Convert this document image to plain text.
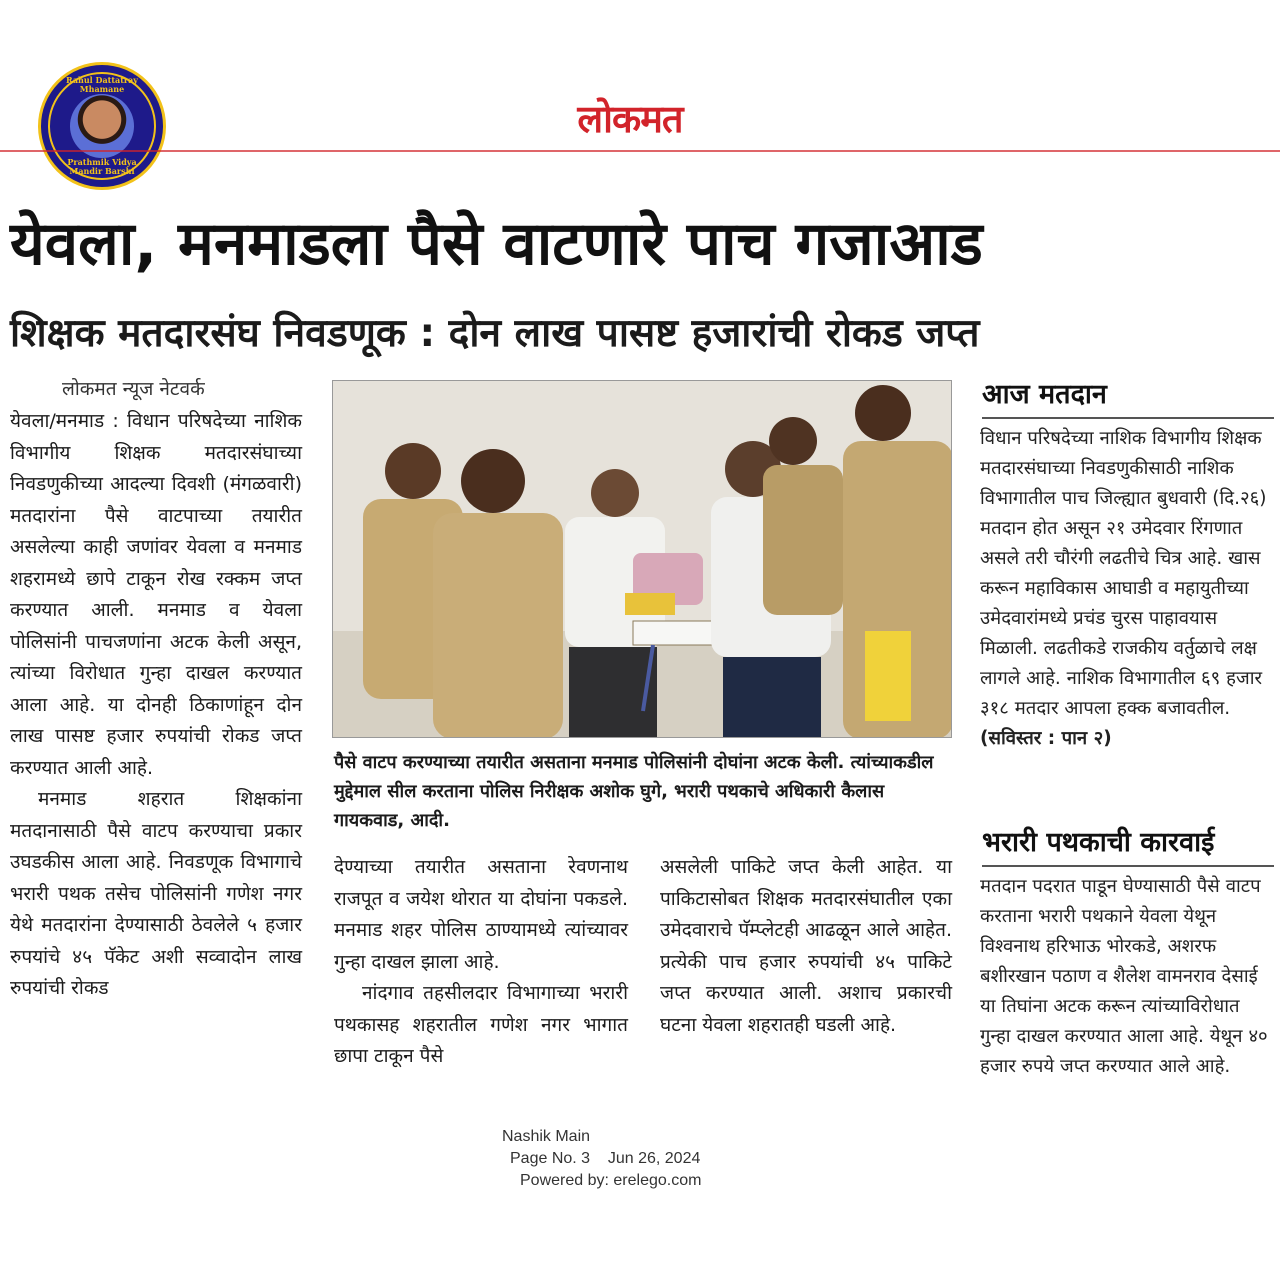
Rahul Dattatray Mhamane
Prathmik Vidya Mandir Barshi
लोकमत
येवला, मनमाडला पैसे वाटणारे पाच गजाआड
शिक्षक मतदारसंघ निवडणूक : दोन लाख पासष्ट हजारांची रोकड जप्त
लोकमत न्यूज नेटवर्क

येवला/मनमाड : विधान परिषदेच्या नाशिक विभागीय शिक्षक मतदारसंघाच्या निवडणुकीच्या आदल्या दिवशी (मंगळवारी) मतदारांना पैसे वाटपाच्या तयारीत असलेल्या काही जणांवर येवला व मनमाड शहरामध्ये छापे टाकून रोख रक्कम जप्त करण्यात आली. मनमाड व येवला पोलिसांनी पाचजणांना अटक केली असून, त्यांच्या विरोधात गुन्हा दाखल करण्यात आला आहे. या दोनही ठिकाणांहून दोन लाख पासष्ट हजार रुपयांची रोकड जप्त करण्यात आली आहे.

मनमाड शहरात शिक्षकांना मतदानासाठी पैसे वाटप करण्याचा प्रकार उघडकीस आला आहे. निवडणूक विभागाचे भरारी पथक तसेच पोलिसांनी गणेश नगर येथे मतदारांना देण्यासाठी ठेवलेले ५ हजार रुपयांचे ४५ पॅकेट अशी सव्वादोन लाख रुपयांची रोकड

पैसे वाटप करण्याच्या तयारीत असताना मनमाड पोलिसांनी दोघांना अटक केली. त्यांच्याकडील मुद्देमाल सील करताना पोलिस निरीक्षक अशोक घुगे, भरारी पथकाचे अधिकारी कैलास गायकवाड, आदी.

देण्याच्या तयारीत असताना रेवणनाथ राजपूत व जयेश थोरात या दोघांना पकडले. मनमाड शहर पोलिस ठाण्यामध्ये त्यांच्यावर गुन्हा दाखल झाला आहे.

नांदगाव तहसीलदार विभागाच्या भरारी पथकासह शहरातील गणेश नगर भागात छापा टाकून पैसे

असलेली पाकिटे जप्त केली आहेत. या पाकिटासोबत शिक्षक मतदारसंघातील एका उमेदवाराचे पॅम्प्लेटही आढळून आले आहेत. प्रत्येकी पाच हजार रुपयांची ४५ पाकिटे जप्त करण्यात आली. अशाच प्रकारची घटना येवला शहरातही घडली आहे.

आज मतदान
विधान परिषदेच्या नाशिक विभागीय शिक्षक मतदारसंघाच्या निवडणुकीसाठी नाशिक विभागातील पाच जिल्ह्यात बुधवारी (दि.२६) मतदान होत असून २१ उमेदवार रिंगणात असले तरी चौरंगी लढतीचे चित्र आहे. खास करून महाविकास आघाडी व महायुतीच्या उमेदवारांमध्ये प्रचंड चुरस पाहावयास मिळाली. लढतीकडे राजकीय वर्तुळाचे लक्ष लागले आहे. नाशिक विभागातील ६९ हजार ३१८ मतदार आपला हक्क बजावतील. (सविस्तर : पान २)
भरारी पथकाची कारवाई
मतदान पदरात पाडून घेण्यासाठी पैसे वाटप करताना भरारी पथकाने येवला येथून विश्वनाथ हरिभाऊ भोरकडे, अशरफ बशीरखान पठाण व शैलेश वामनराव देसाई या तिघांना अटक करून त्यांच्याविरोधात गुन्हा दाखल करण्यात आला आहे. येथून ४० हजार रुपये जप्त करण्यात आले आहे.
Nashik Main
Page No. 3    Jun 26, 2024
Powered by: erelego.com
